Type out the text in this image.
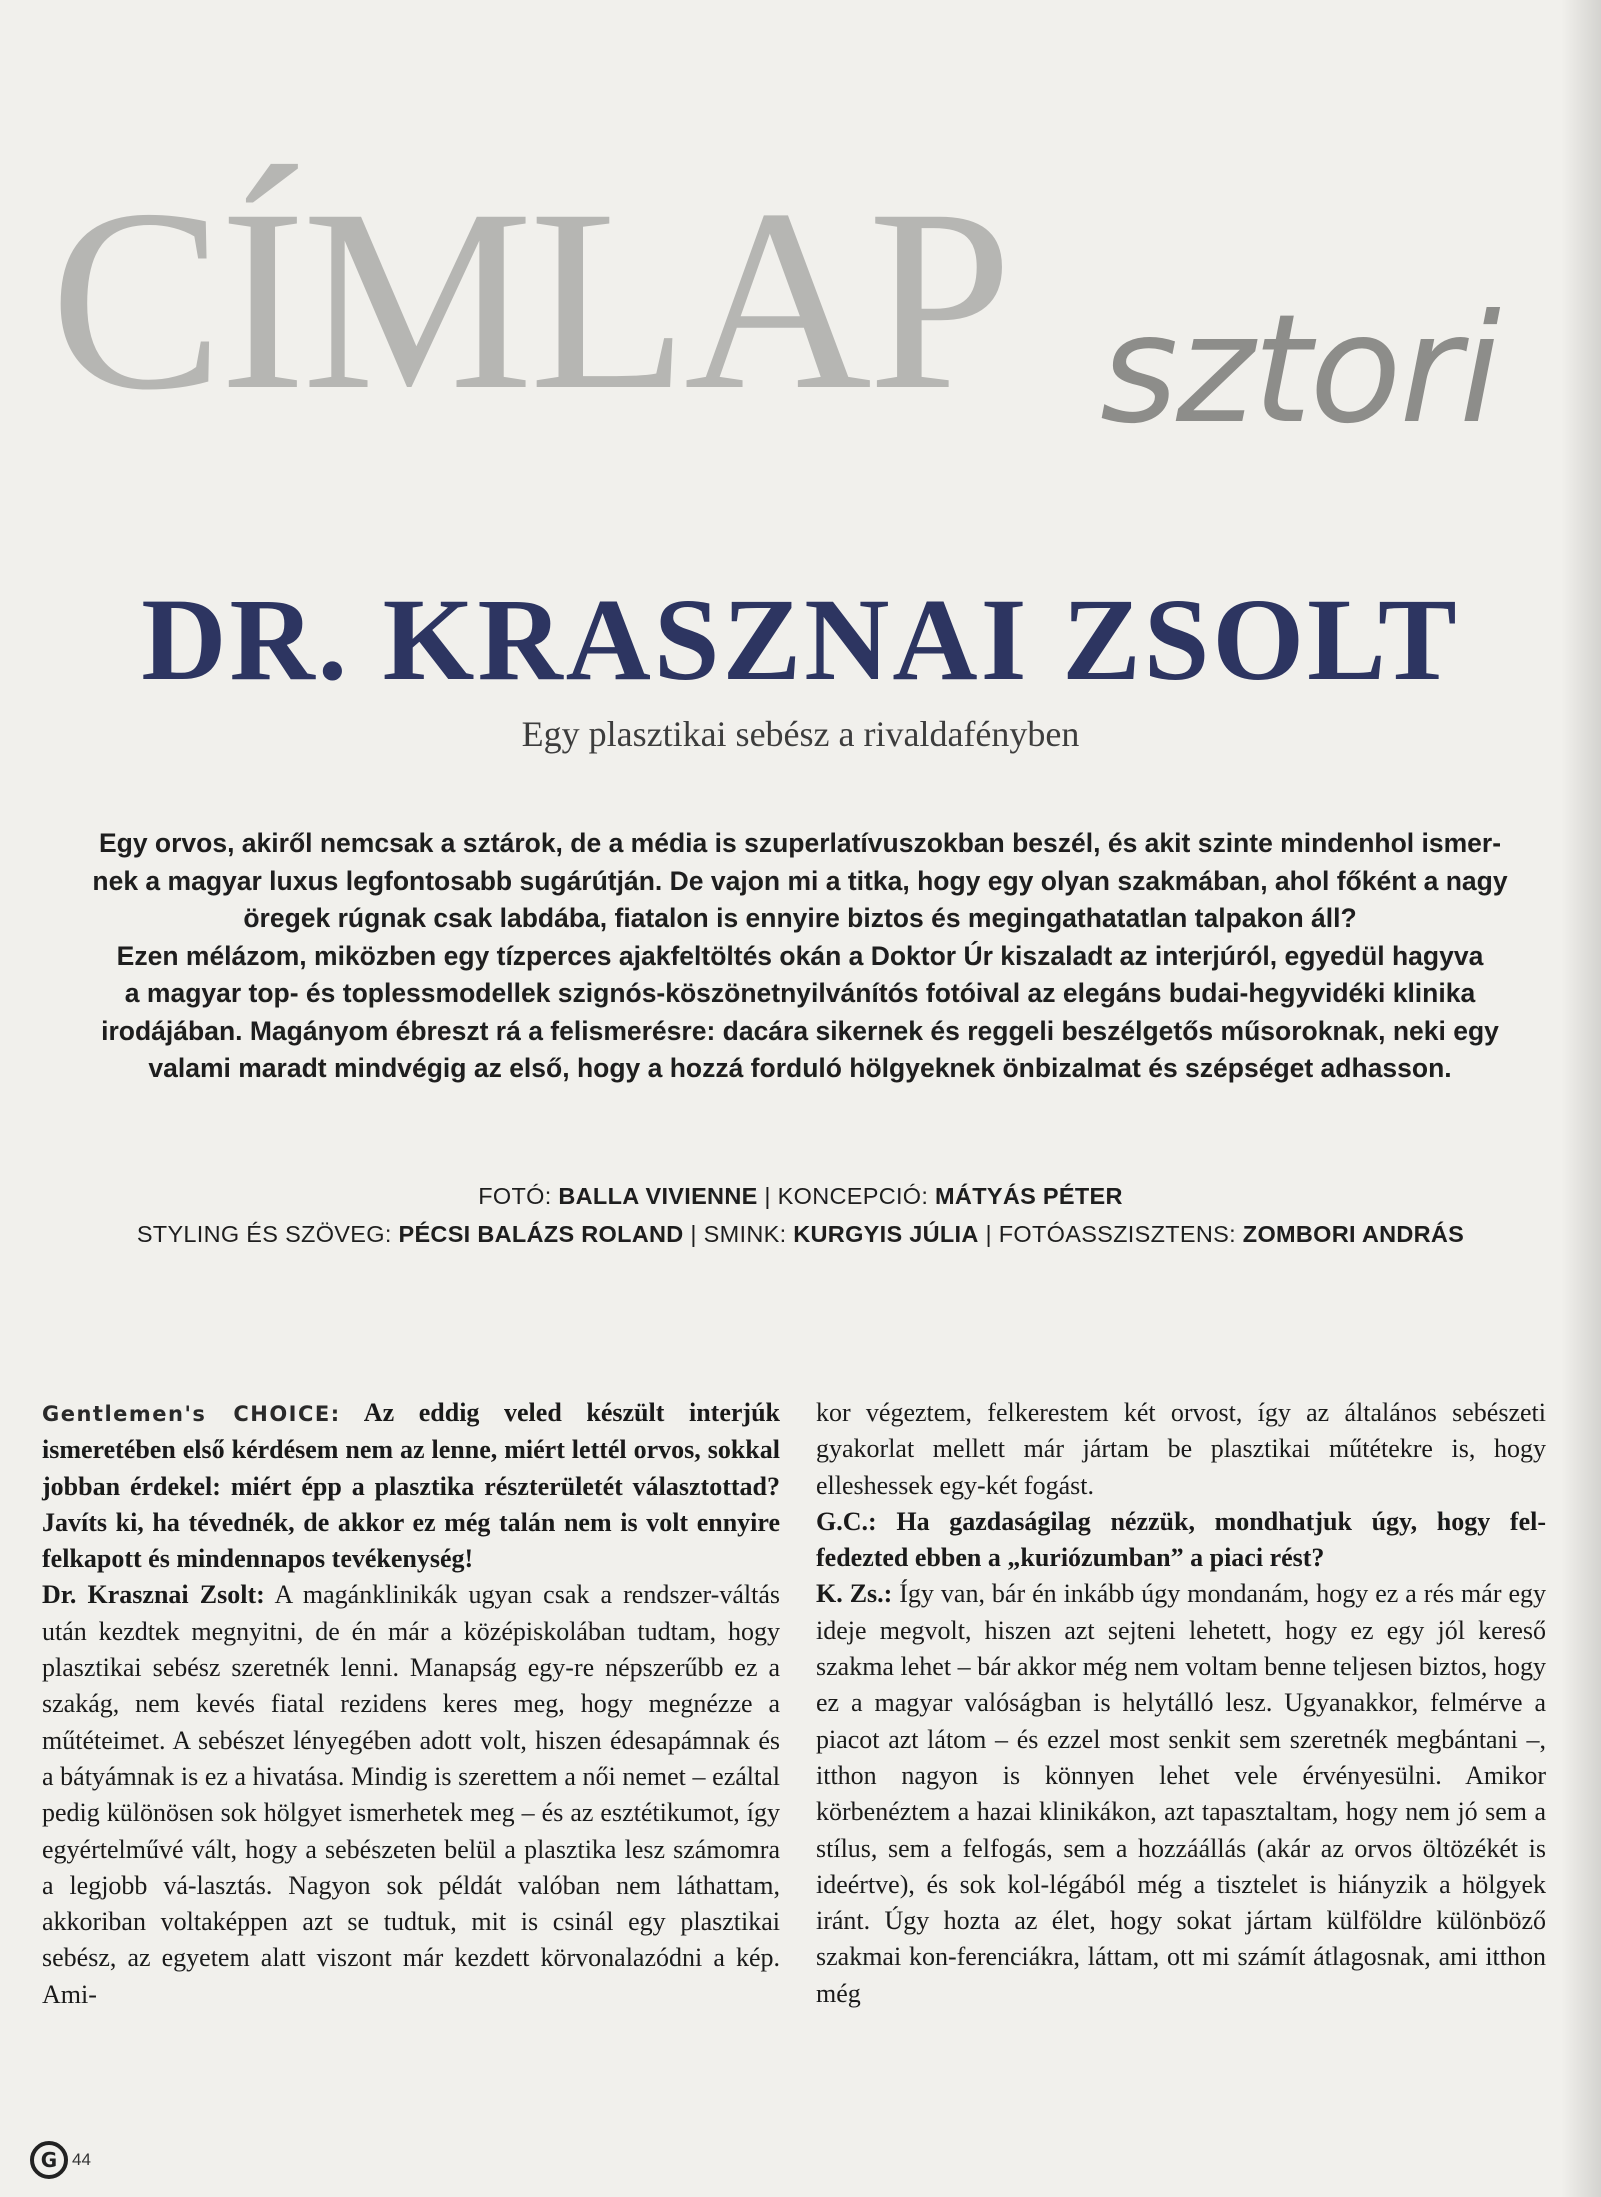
CÍMLAP sztori
DR. KRASZNAI ZSOLT
Egy plasztikai sebész a rivaldafényben

Egy orvos, akiről nemcsak a sztárok, de a média is szuperlatívuszokban beszél, és akit szinte mindenhol ismer-

nek a magyar luxus legfontosabb sugárútján. De vajon mi a titka, hogy egy olyan szakmában, ahol főként a nagy

öregek rúgnak csak labdába, fiatalon is ennyire biztos és megingathatatlan talpakon áll?

Ezen mélázom, miközben egy tízperces ajakfeltöltés okán a Doktor Úr kiszaladt az interjúról, egyedül hagyva

a magyar top- és toplessmodellek szignós-köszönetnyilvánítós fotóival az elegáns budai-hegyvidéki klinika

irodájában. Magányom ébreszt rá a felismerésre: dacára sikernek és reggeli beszélgetős műsoroknak, neki egy

valami maradt mindvégig az első, hogy a hozzá forduló hölgyeknek önbizalmat és szépséget adhasson.

FOTÓ: BALLA VIVIENNE | KONCEPCIÓ: MÁTYÁS PÉTER
STYLING ÉS SZÖVEG: PÉCSI BALÁZS ROLAND | SMINK: KURGYIS JÚLIA | FOTÓASSZISZTENS: ZOMBORI ANDRÁS

Gentlemen's CHOICE: Az eddig veled készült interjúk ismeretében első kérdésem nem az lenne, miért lettél orvos, sokkal jobban érdekel: miért épp a plasztika részterületét választottad? Javíts ki, ha tévednék, de akkor ez még talán nem is volt ennyire felkapott és mindennapos tevékenység!

Dr. Krasznai Zsolt: A magánklinikák ugyan csak a rendszer-váltás után kezdtek megnyitni, de én már a középiskolában tudtam, hogy plasztikai sebész szeretnék lenni. Manapság egy-re népszerűbb ez a szakág, nem kevés fiatal rezidens keres meg, hogy megnézze a műtéteimet. A sebészet lényegében adott volt, hiszen édesapámnak és a bátyámnak is ez a hivatása. Mindig is szerettem a női nemet – ezáltal pedig különösen sok hölgyet ismerhetek meg – és az esztétikumot, így egyértelművé vált, hogy a sebészeten belül a plasztika lesz számomra a legjobb vá-lasztás. Nagyon sok példát valóban nem láthattam, akkoriban voltaképpen azt se tudtuk, mit is csinál egy plasztikai sebész, az egyetem alatt viszont már kezdett körvonalazódni a kép. Ami-

kor végeztem, felkerestem két orvost, így az általános sebészeti gyakorlat mellett már jártam be plasztikai műtétekre is, hogy elleshessek egy-két fogást.

G.C.: Ha gazdaságilag nézzük, mondhatjuk úgy, hogy fel-fedezted ebben a „kuriózumban” a piaci rést?

K. Zs.: Így van, bár én inkább úgy mondanám, hogy ez a rés már egy ideje megvolt, hiszen azt sejteni lehetett, hogy ez egy jól kereső szakma lehet – bár akkor még nem voltam benne teljesen biztos, hogy ez a magyar valóságban is helytálló lesz. Ugyanakkor, felmérve a piacot azt látom – és ezzel most senkit sem szeretnék megbántani –, itthon nagyon is könnyen lehet vele érvényesülni. Amikor körbenéztem a hazai klinikákon, azt tapasztaltam, hogy nem jó sem a stílus, sem a felfogás, sem a hozzáállás (akár az orvos öltözékét is ideértve), és sok kol-légából még a tisztelet is hiányzik a hölgyek iránt. Úgy hozta az élet, hogy sokat jártam külföldre különböző szakmai kon-ferenciákra, láttam, ott mi számít átlagosnak, ami itthon még

G 44
